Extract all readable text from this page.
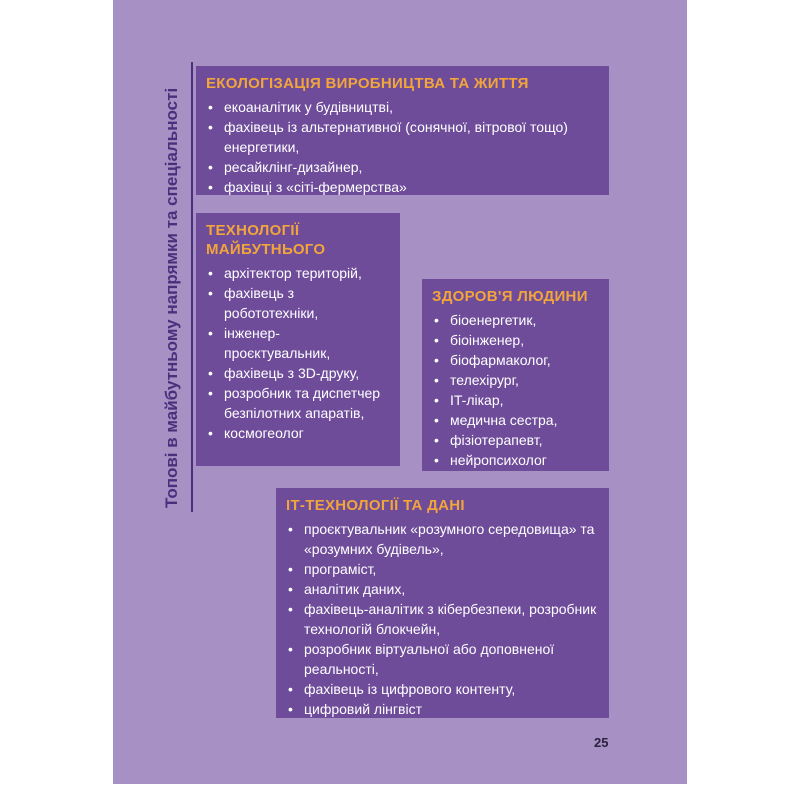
Топові в майбутньому напрямки та спеціальності
ЕКОЛОГІЗАЦІЯ ВИРОБНИЦТВА ТА ЖИТТЯ
• екоаналітик у будівництві,
• фахівець із альтернативної (сонячної, вітрової тощо) енергетики,
• ресайклінг-дизайнер,
• фахівці з «сіті-фермерства»
ТЕХНОЛОГІЇ МАЙБУТНЬОГО
• архітектор територій,
• фахівець з робототехніки,
• інженер-проєктувальник,
• фахівець з 3D-друку,
• розробник та диспетчер безпілотних апаратів,
• космогеолог
ЗДОРОВ'Я ЛЮДИНИ
• біоенергетик,
• біоінженер,
• біофармаколог,
• телехірург,
• IT-лікар,
• медична сестра,
• фізіотерапевт,
• нейропсихолог
ІТ-ТЕХНОЛОГІЇ ТА ДАНІ
• проєктувальник «розумного середовища» та «розумних будівель»,
• програміст,
• аналітик даних,
• фахівець-аналітик з кібербезпеки, розробник технологій блокчейн,
• розробник віртуальної або доповненої реальності,
• фахівець із цифрового контенту,
• цифровий лінгвіст
25
